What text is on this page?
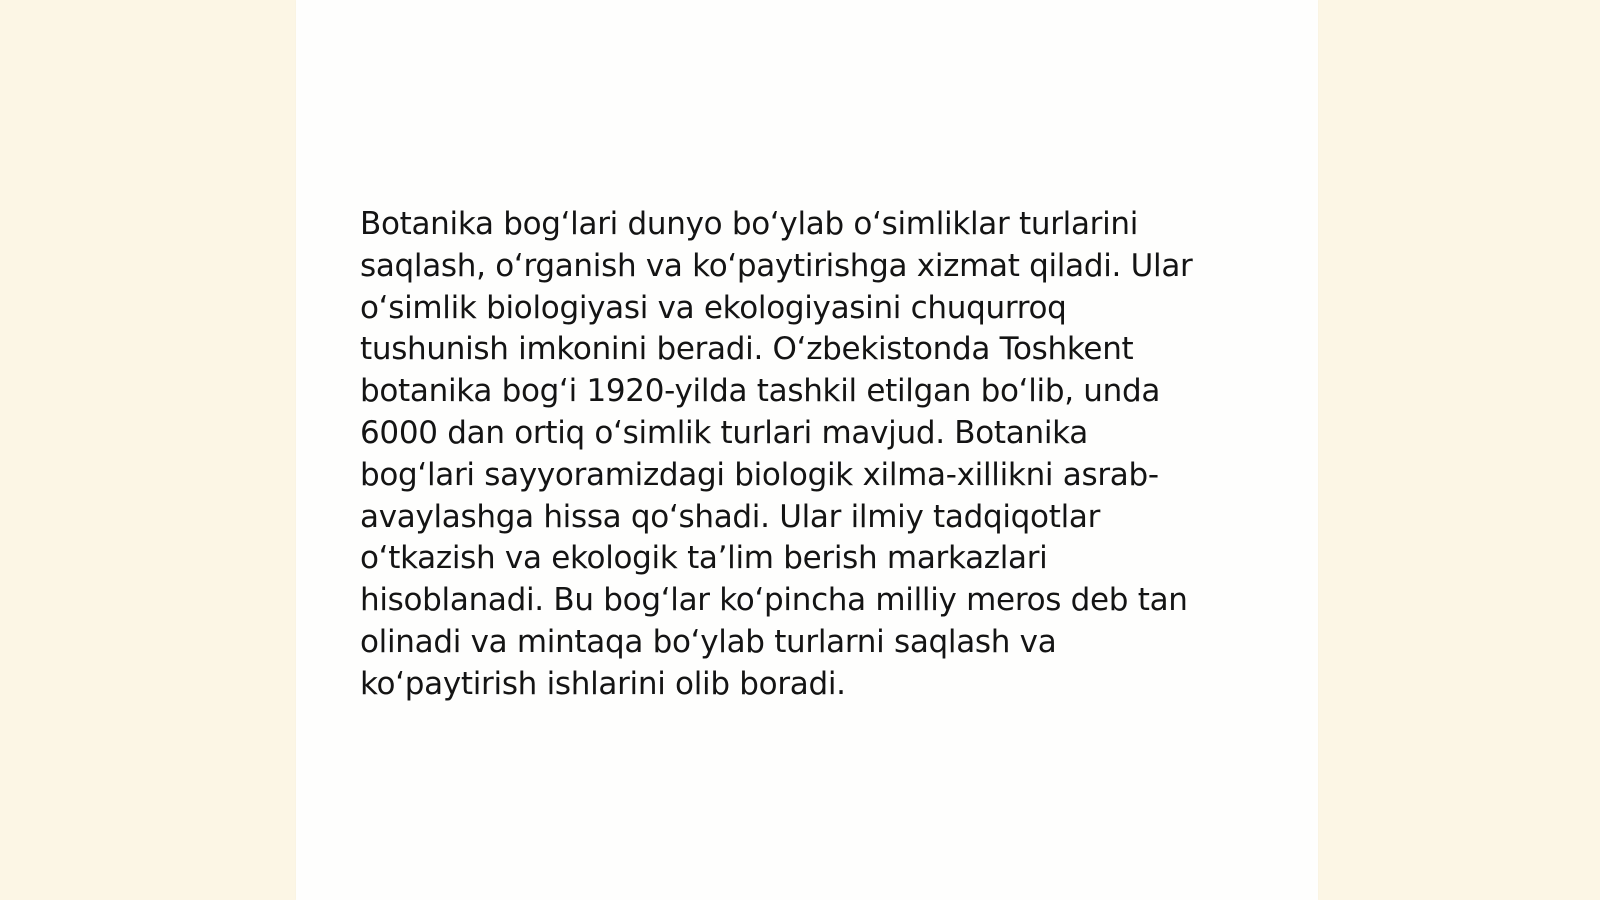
Botanika bog‘lari dunyo bo‘ylab o‘simliklar turlarini
saqlash, o‘rganish va ko‘paytirishga xizmat qiladi. Ular
o‘simlik biologiyasi va ekologiyasini chuqurroq
tushunish imkonini beradi. O‘zbekistonda Toshkent
botanika bog‘i 1920-yilda tashkil etilgan bo‘lib, unda
6000 dan ortiq o‘simlik turlari mavjud. Botanika
bog‘lari sayyoramizdagi biologik xilma-xillikni asrab-
avaylashga hissa qo‘shadi. Ular ilmiy tadqiqotlar
o‘tkazish va ekologik ta’lim berish markazlari
hisoblanadi. Bu bog‘lar ko‘pincha milliy meros deb tan
olinadi va mintaqa bo‘ylab turlarni saqlash va
ko‘paytirish ishlarini olib boradi.
